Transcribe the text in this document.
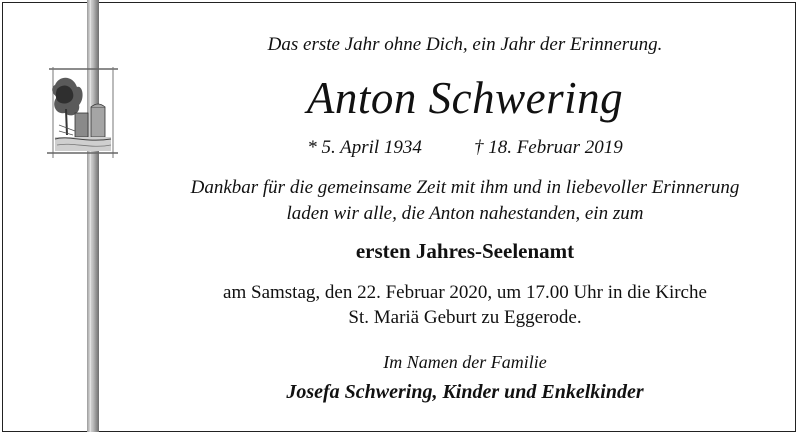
Das erste Jahr ohne Dich, ein Jahr der Erinnerung.
Anton Schwering
* 5. April 1934	† 18. Februar 2019
Dankbar für die gemeinsame Zeit mit ihm und in liebevoller Erinnerung
laden wir alle, die Anton nahestanden, ein zum
ersten Jahres-Seelenamt
am Samstag, den 22. Februar 2020, um 17.00 Uhr in die Kirche
St. Mariä Geburt zu Eggerode.
Im Namen der Familie
Josefa Schwering, Kinder und Enkelkinder
